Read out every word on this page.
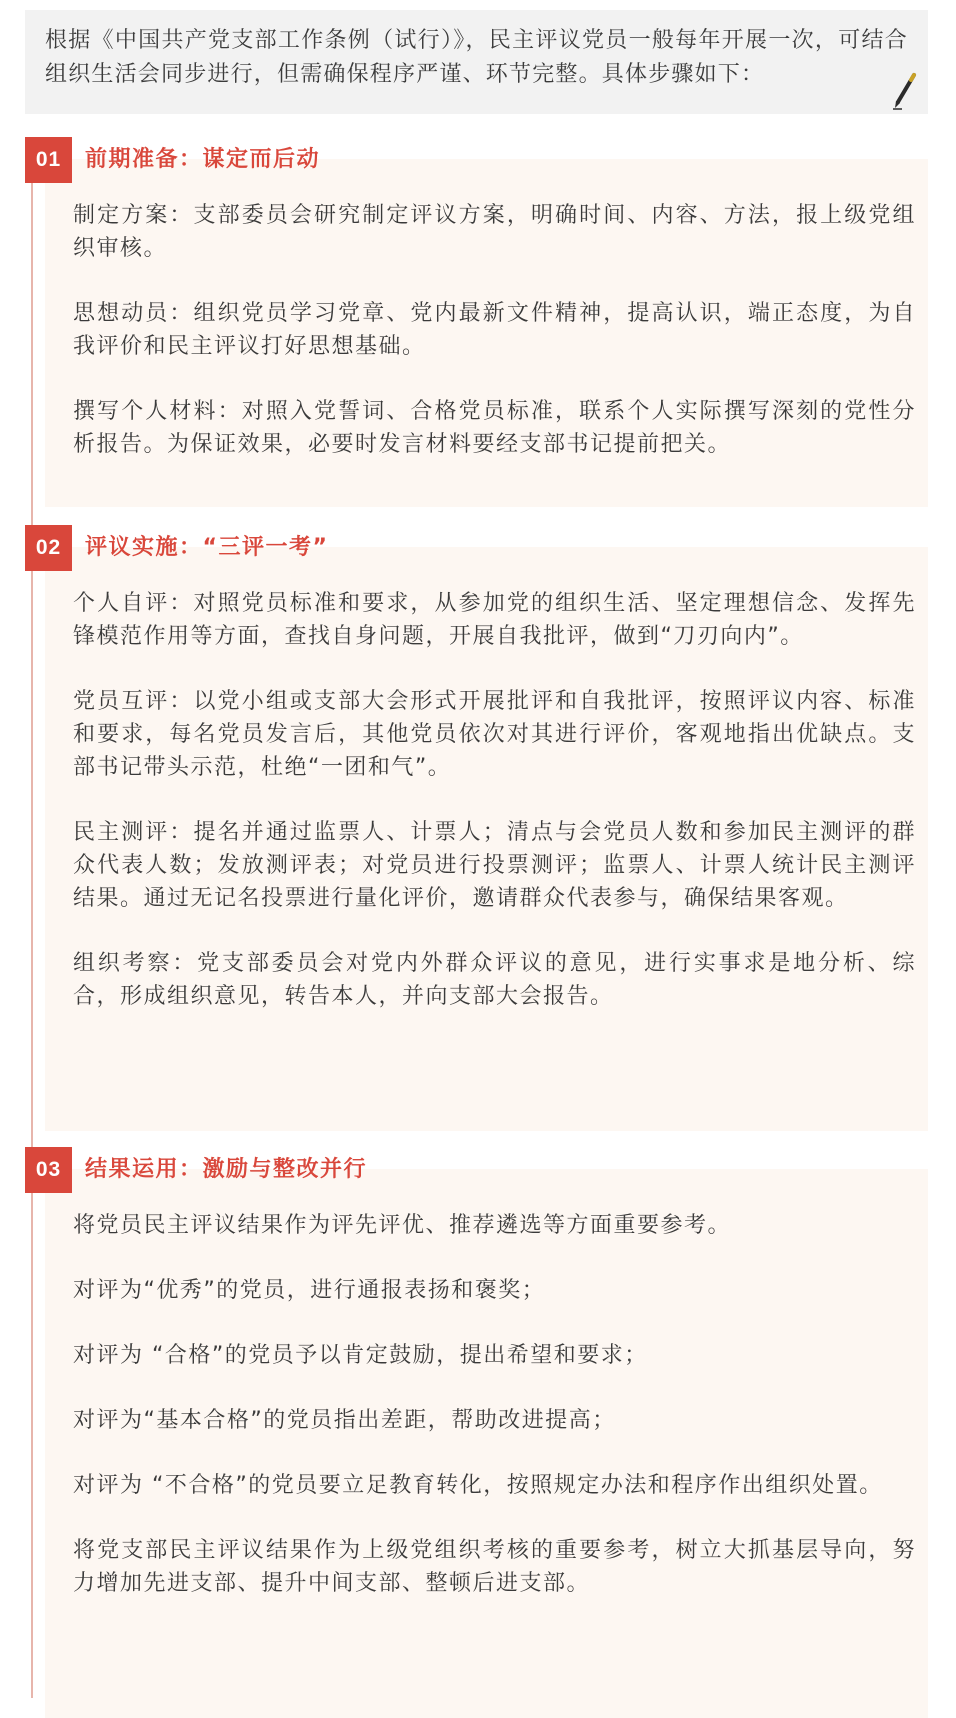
根据《中国共产党支部工作条例（试行）》，民主评议党员一般每年开展一次，可结合组织生活会同步进行，但需确保程序严谨、环节完整。具体步骤如下：

01	前期准备：谋定而后动

制定方案：支部委员会研究制定评议方案，明确时间、内容、方法，报上级党组织审核。

思想动员：组织党员学习党章、党内最新文件精神，提高认识，端正态度，为自我评价和民主评议打好思想基础。

撰写个人材料：对照入党誓词、合格党员标准，联系个人实际撰写深刻的党性分析报告。为保证效果，必要时发言材料要经支部书记提前把关。

02	评议实施：“三评一考”

个人自评：对照党员标准和要求，从参加党的组织生活、坚定理想信念、发挥先锋模范作用等方面，查找自身问题，开展自我批评，做到“刀刃向内”。

党员互评：以党小组或支部大会形式开展批评和自我批评，按照评议内容、标准和要求，每名党员发言后，其他党员依次对其进行评价，客观地指出优缺点。支部书记带头示范，杜绝“一团和气”。

民主测评：提名并通过监票人、计票人；清点与会党员人数和参加民主测评的群众代表人数；发放测评表；对党员进行投票测评；监票人、计票人统计民主测评结果。通过无记名投票进行量化评价，邀请群众代表参与，确保结果客观。

组织考察：党支部委员会对党内外群众评议的意见，进行实事求是地分析、综合，形成组织意见，转告本人，并向支部大会报告。

03	结果运用：激励与整改并行

将党员民主评议结果作为评先评优、推荐遴选等方面重要参考。

对评为“优秀”的党员，进行通报表扬和褒奖；

对评为 “合格”的党员予以肯定鼓励，提出希望和要求；

对评为“基本合格”的党员指出差距，帮助改进提高；

对评为 “不合格”的党员要立足教育转化，按照规定办法和程序作出组织处置。

将党支部民主评议结果作为上级党组织考核的重要参考，树立大抓基层导向，努力增加先进支部、提升中间支部、整顿后进支部。
